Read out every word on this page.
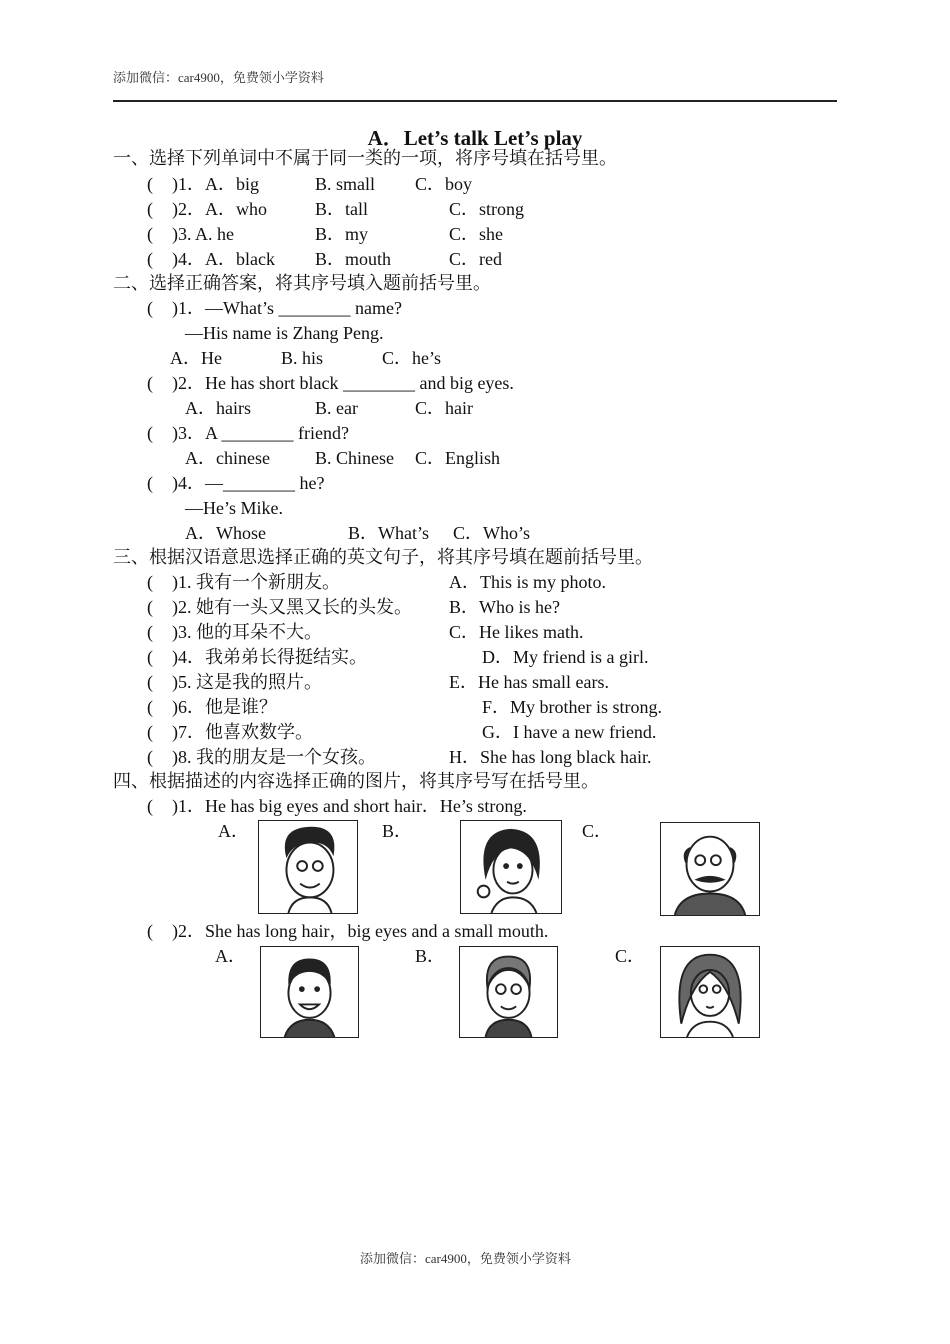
添加微信：car4900，免费领小学资料
A．Let’s talk Let’s play
一、选择下列单词中不属于同一类的一项，将序号填在括号里。
( )1．A．big	B. small C．boy
( )2．A．who	B．tall	C．strong
( )3. A. he	B．my	C．she
( )4．A．black B．mouth	C．red
二、选择正确答案，将其序号填入题前括号里。
( )1．—What’s ________ name?
—His name is Zhang Peng.
A．He	B. his	C．he’s
( )2．He has short black ________ and big eyes.
A．hairs	B. ear	C．hair
( )3．A ________ friend?
A．chinese	B. Chinese C．English
( )4．—________ he?
—He’s Mike.
A．Whose	B．What’s C．Who’s
三、根据汉语意思选择正确的英文句子，将其序号填在题前括号里。
( )1. 我有一个新朋友。	A．This is my photo.
( )2. 她有一头又黑又长的头发。 B．Who is he?
( )3. 他的耳朵不大。	C．He likes math.
( )4．我弟弟长得挺结实。	D．My friend is a girl.
( )5. 这是我的照片。	E．He has small ears.
( )6．他是谁？	F．My brother is strong.
( )7．他喜欢数学。	G．I have a new friend.
( )8. 我的朋友是一个女孩。	H．She has long black hair.
四、根据描述的内容选择正确的图片，将其序号写在括号里。
( )1．He has big eyes and short hair．He’s strong.
A．	B．	C．
( )2．She has long hair，big eyes and a small mouth.
A．	B．	C．
添加微信：car4900，免费领小学资料
